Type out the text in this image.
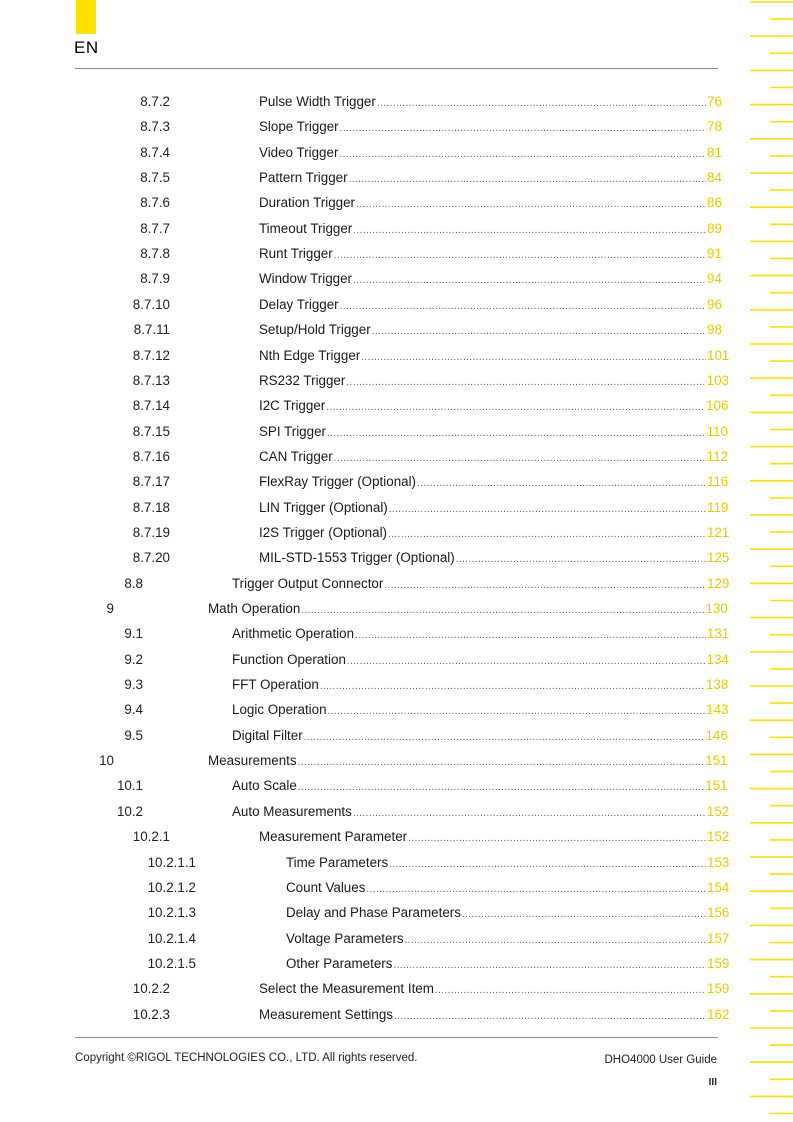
EN
8.7.2	Pulse Width Trigger .....	76
8.7.3	Slope Trigger .....	78
8.7.4	Video Trigger .....	81
8.7.5	Pattern Trigger .....	84
8.7.6	Duration Trigger .....	86
8.7.7	Timeout Trigger .....	89
8.7.8	Runt Trigger .....	91
8.7.9	Window Trigger .....	94
8.7.10	Delay Trigger .....	96
8.7.11	Setup/Hold Trigger .....	98
8.7.12	Nth Edge Trigger .....	101
8.7.13	RS232 Trigger .....	103
8.7.14	I2C Trigger .....	106
8.7.15	SPI Trigger .....	110
8.7.16	CAN Trigger .....	112
8.7.17	FlexRay Trigger (Optional) .....	116
8.7.18	LIN Trigger (Optional) .....	119
8.7.19	I2S Trigger (Optional) .....	121
8.7.20	MIL-STD-1553 Trigger (Optional) .....	125
8.8	Trigger Output Connector .....	129
9	Math Operation .....	130
9.1	Arithmetic Operation .....	131
9.2	Function Operation .....	134
9.3	FFT Operation .....	138
9.4	Logic Operation .....	143
9.5	Digital Filter .....	146
10	Measurements .....	151
10.1	Auto Scale .....	151
10.2	Auto Measurements .....	152
10.2.1	Measurement Parameter .....	152
10.2.1.1	Time Parameters .....	153
10.2.1.2	Count Values .....	154
10.2.1.3	Delay and Phase Parameters .....	156
10.2.1.4	Voltage Parameters .....	157
10.2.1.5	Other Parameters .....	159
10.2.2	Select the Measurement Item .....	159
10.2.3	Measurement Settings .....	162
Copyright ©RIGOL TECHNOLOGIES CO., LTD. All rights reserved.	DHO4000 User Guide
III
